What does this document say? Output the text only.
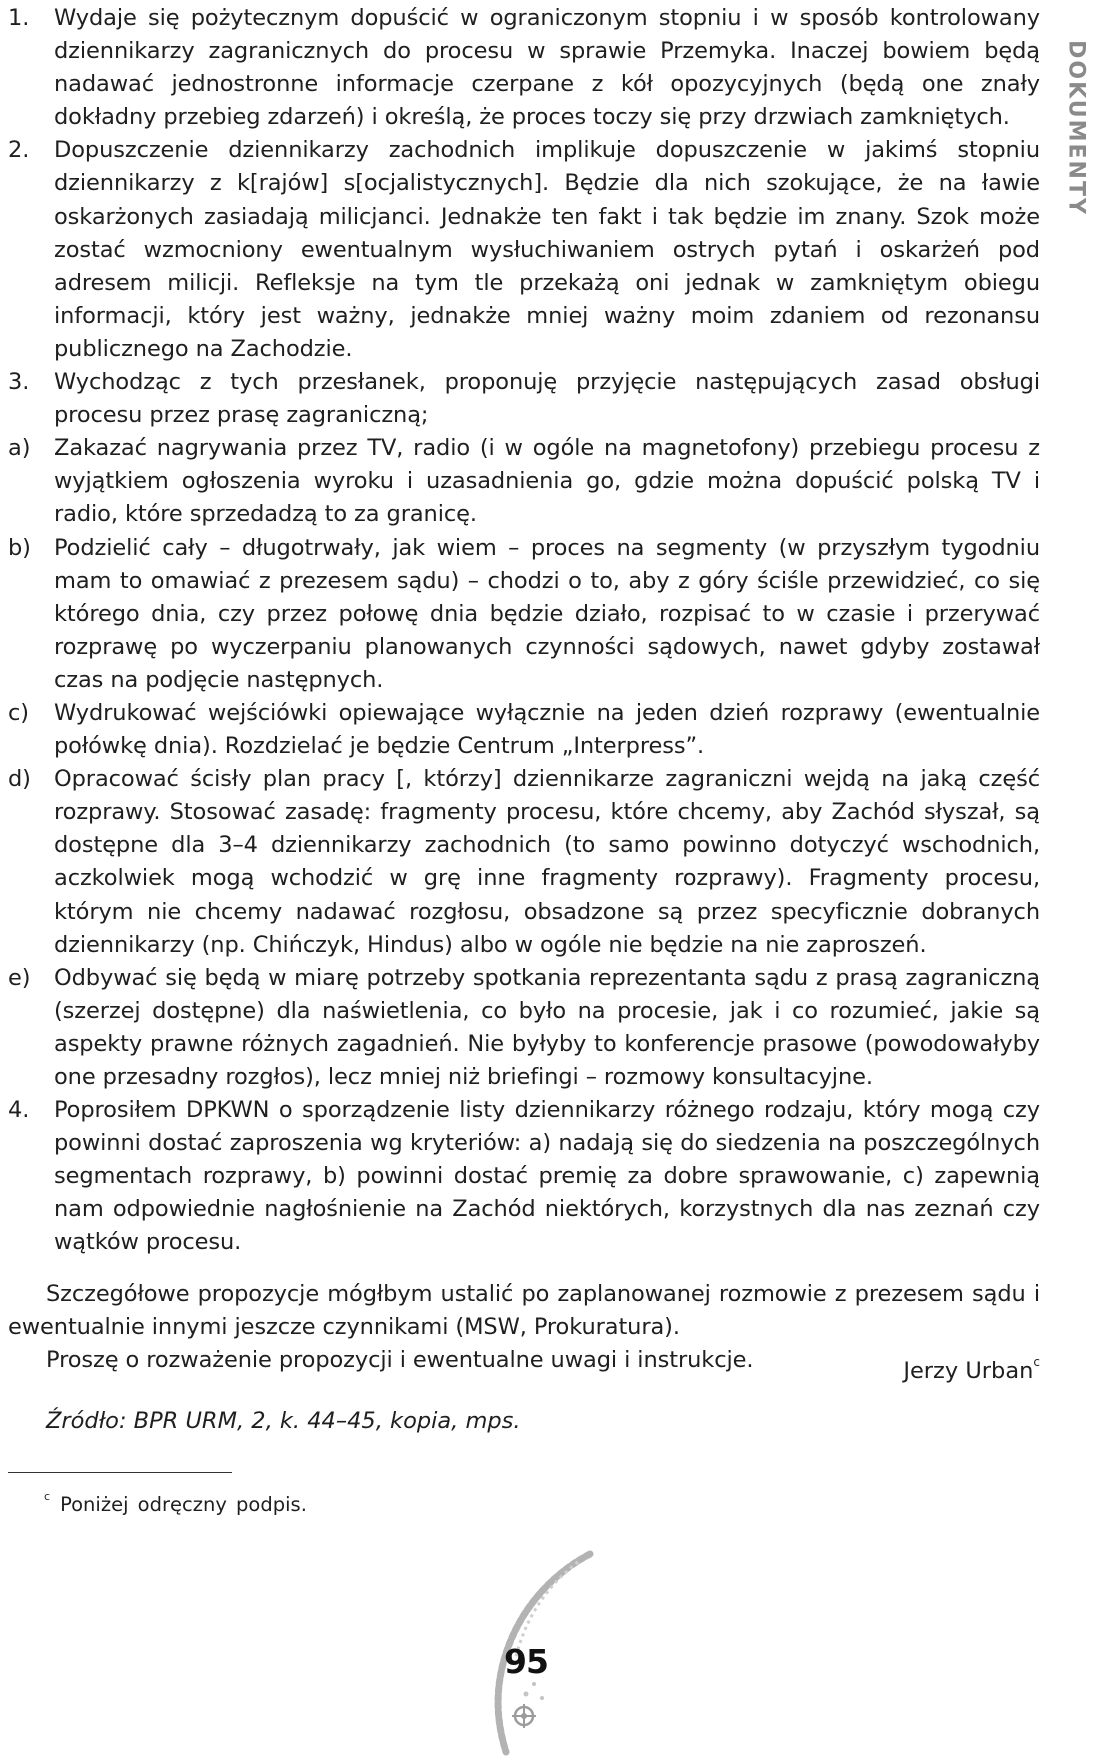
DOKUMENTY
1. Wydaje się pożytecznym dopuścić w ograniczonym stopniu i w sposób kontrolowany dziennikarzy zagranicznych do procesu w sprawie Przemyka. Inaczej bowiem będą nadawać jednostronne informacje czerpane z kół opozycyjnych (będą one znały dokładny przebieg zdarzeń) i określą, że proces toczy się przy drzwiach zamkniętych.
2. Dopuszczenie dziennikarzy zachodnich implikuje dopuszczenie w jakimś stopniu dziennikarzy z k[rajów] s[ocjalistycznych]. Będzie dla nich szokujące, że na ławie oskarżonych zasiadają milicjanci. Jednakże ten fakt i tak będzie im znany. Szok może zostać wzmocniony ewentualnym wysłuchiwaniem ostrych pytań i oskarżeń pod adresem milicji. Refleksje na tym tle przekażą oni jednak w zamkniętym obiegu informacji, który jest ważny, jednakże mniej ważny moim zdaniem od rezonansu publicznego na Zachodzie.
3. Wychodząc z tych przesłanek, proponuję przyjęcie następujących zasad obsługi procesu przez prasę zagraniczną;
a) Zakazać nagrywania przez TV, radio (i w ogóle na magnetofony) przebiegu procesu z wyjątkiem ogłoszenia wyroku i uzasadnienia go, gdzie można dopuścić polską TV i radio, które sprzedadzą to za granicę.
b) Podzielić cały – długotrwały, jak wiem – proces na segmenty (w przyszłym tygodniu mam to omawiać z prezesem sądu) – chodzi o to, aby z góry ściśle przewidzieć, co się którego dnia, czy przez połowę dnia będzie działo, rozpisać to w czasie i przerywać rozprawę po wyczerpaniu planowanych czynności sądowych, nawet gdyby zostawał czas na podjęcie następnych.
c) Wydrukować wejściówki opiewające wyłącznie na jeden dzień rozprawy (ewentualnie połówkę dnia). Rozdzielać je będzie Centrum „Interpress”.
d) Opracować ścisły plan pracy [, którzy] dziennikarze zagraniczni wejdą na jaką część rozprawy. Stosować zasadę: fragmenty procesu, które chcemy, aby Zachód słyszał, są dostępne dla 3–4 dziennikarzy zachodnich (to samo powinno dotyczyć wschodnich, aczkolwiek mogą wchodzić w grę inne fragmenty rozprawy). Fragmenty procesu, którym nie chcemy nadawać rozgłosu, obsadzone są przez specyficznie dobranych dziennikarzy (np. Chińczyk, Hindus) albo w ogóle nie będzie na nie zaproszeń.
e) Odbywać się będą w miarę potrzeby spotkania reprezentanta sądu z prasą zagraniczną (szerzej dostępne) dla naświetlenia, co było na procesie, jak i co rozumieć, jakie są aspekty prawne różnych zagadnień. Nie byłyby to konferencje prasowe (powodowałyby one przesadny rozgłos), lecz mniej niż briefingi – rozmowy konsultacyjne.
4. Poprosiłem DPKWN o sporządzenie listy dziennikarzy różnego rodzaju, który mogą czy powinni dostać zaproszenia wg kryteriów: a) nadają się do siedzenia na poszczególnych segmentach rozprawy, b) powinni dostać premię za dobre sprawowanie, c) zapewnią nam odpowiednie nagłośnienie na Zachód niektórych, korzystnych dla nas zeznań czy wątków procesu.
Szczegółowe propozycje mógłbym ustalić po zaplanowanej rozmowie z prezesem sądu i ewentualnie innymi jeszcze czynnikami (MSW, Prokuratura).
Proszę o rozważenie propozycji i ewentualne uwagi i instrukcje.	Jerzy Urban$^c$
Źródło: BPR URM, 2, k. 44–45, kopia, mps.
$^c$ Poniżej odręczny podpis.
95
